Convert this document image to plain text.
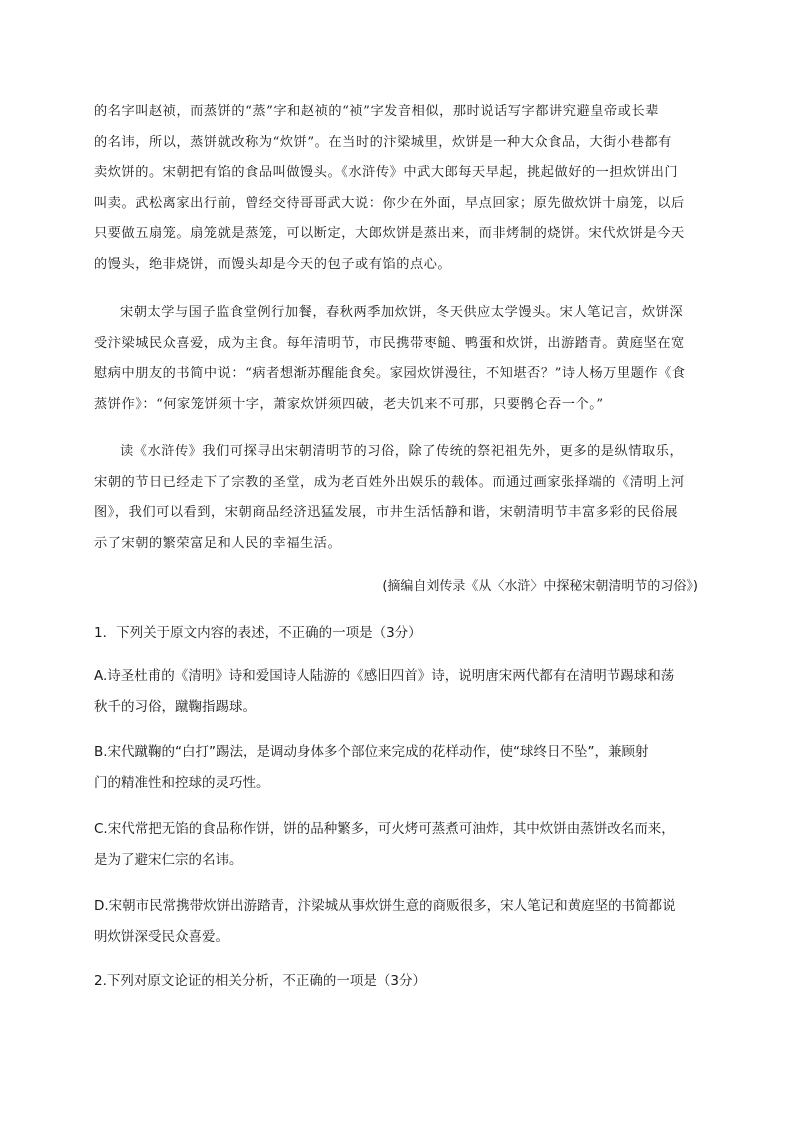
的名字叫赵祯，而蒸饼的“蒸”字和赵祯的“祯”字发音相似，那时说话写字都讲究避皇帝或长辈
的名讳，所以，蒸饼就改称为“炊饼”。在当时的汴梁城里，炊饼是一种大众食品，大街小巷都有
卖炊饼的。宋朝把有馅的食品叫做馒头。《水浒传》中武大郎每天早起，挑起做好的一担炊饼出门
叫卖。武松离家出行前，曾经交待哥哥武大说：你少在外面，早点回家；原先做炊饼十扇笼，以后
只要做五扇笼。扇笼就是蒸笼，可以断定，大郎炊饼是蒸出来，而非烤制的烧饼。宋代炊饼是今天
的馒头，绝非烧饼，而馒头却是今天的包子或有馅的点心。
宋朝太学与国子监食堂例行加餐，春秋两季加炊饼，冬天供应太学馒头。宋人笔记言，炊饼深
受汴梁城民众喜爱，成为主食。每年清明节，市民携带枣䭔、鸭蛋和炊饼，出游踏青。黄庭坚在宽
慰病中朋友的书简中说：“病者想渐苏醒能食矣。家园炊饼漫往，不知堪否？”诗人杨万里题作《食
蒸饼作》：“何家笼饼须十字，萧家炊饼须四破，老夫饥来不可那，只要鹘仑吞一个。”
读《水浒传》我们可探寻出宋朝清明节的习俗，除了传统的祭祀祖先外，更多的是纵情取乐，
宋朝的节日已经走下了宗教的圣堂，成为老百姓外出娱乐的载体。而通过画家张择端的《清明上河
图》，我们可以看到，宋朝商品经济迅猛发展，市井生活恬静和谐，宋朝清明节丰富多彩的民俗展
示了宋朝的繁荣富足和人民的幸福生活。
(摘编自刘传录《从〈水浒〉中探秘宋朝清明节的习俗》)
1．下列关于原文内容的表述，不正确的一项是（3分）
A.诗圣杜甫的《清明》诗和爱国诗人陆游的《感旧四首》诗，说明唐宋两代都有在清明节踢球和荡
秋千的习俗，蹴鞠指踢球。
B.宋代蹴鞠的“白打”踢法，是调动身体多个部位来完成的花样动作，使“球终日不坠”，兼顾射
门的精准性和控球的灵巧性。
C.宋代常把无馅的食品称作饼，饼的品种繁多，可火烤可蒸煮可油炸，其中炊饼由蒸饼改名而来，
是为了避宋仁宗的名讳。
D.宋朝市民常携带炊饼出游踏青，汴梁城从事炊饼生意的商贩很多，宋人笔记和黄庭坚的书简都说
明炊饼深受民众喜爱。
2.下列对原文论证的相关分析，不正确的一项是（3分）
